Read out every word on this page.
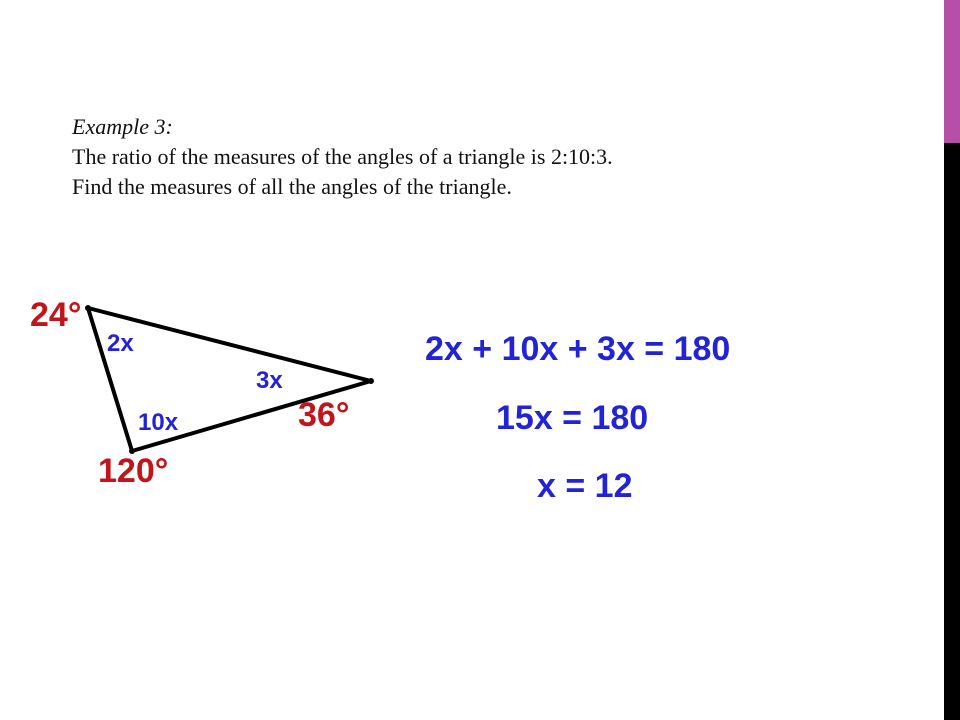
Example 3:
The ratio of the measures of the angles of a triangle is 2:10:3.
Find the measures of all the angles of the triangle.
24°
36°
120°
2x
3x
10x
2x + 10x + 3x = 180
15x = 180
x = 12
